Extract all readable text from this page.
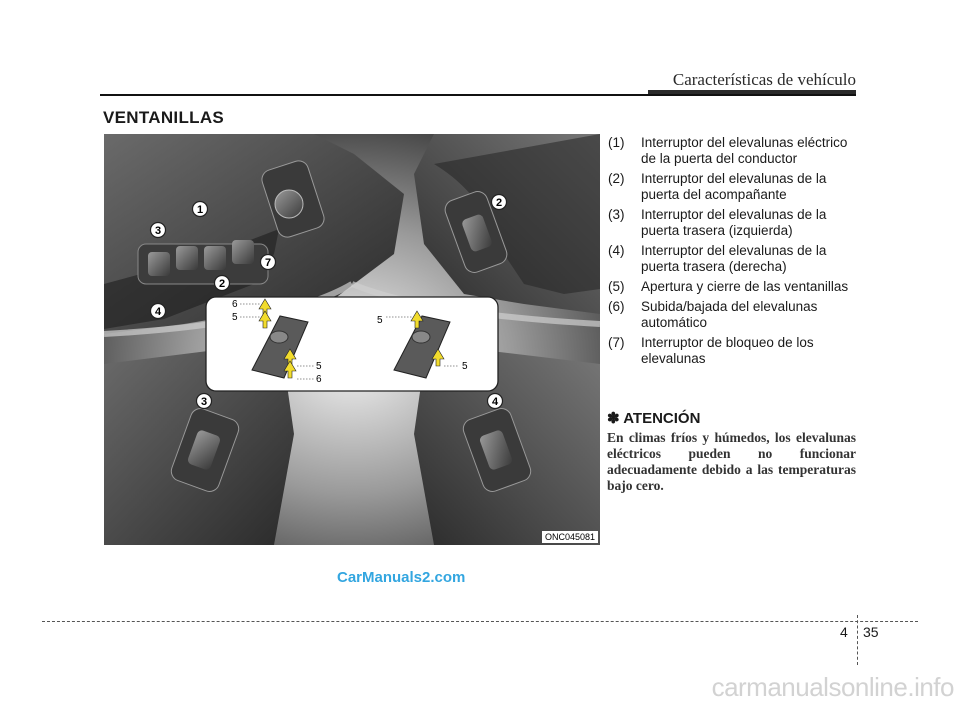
Características de vehículo
VENTANILLAS
1
3
7
2
4
2
3	4
6
5
5
6
5
5
ONC045081
(1) Interruptor del elevalunas eléctrico de la puerta del conductor
(2) Interruptor del elevalunas de la puerta del acompañante
(3) Interruptor del elevalunas de la puerta trasera (izquierda)
(4) Interruptor del elevalunas de la puerta trasera (derecha)
(5) Apertura y cierre de las ventanillas
(6) Subida/bajada del elevalunas automático
(7) Interruptor de bloqueo de los elevalunas
✽ ATENCIÓN
En climas fríos y húmedos, los elevalunas eléctricos pueden no funcionar adecuadamente debido a las temperaturas bajo cero.
CarManuals2.com
4 35
carmanualsonline.info
